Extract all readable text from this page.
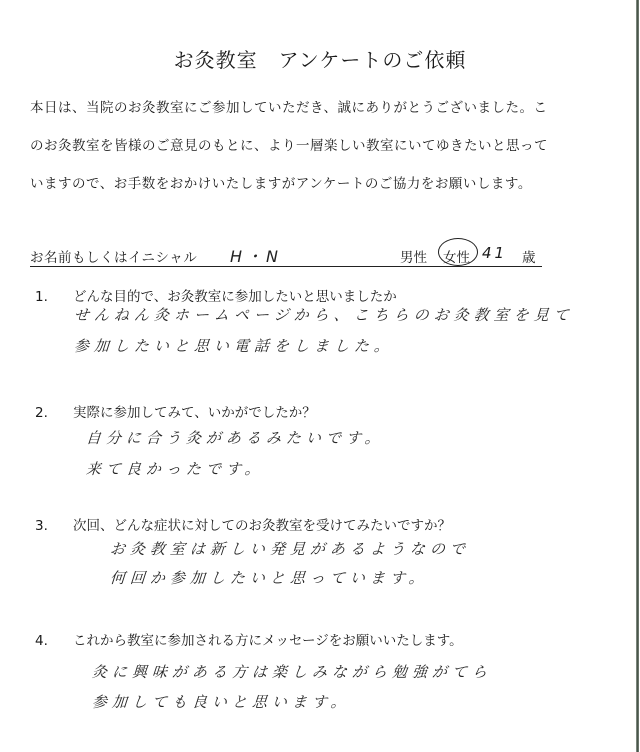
お灸教室　アンケートのご依頼
本日は、当院のお灸教室にご参加していただき、誠にありがとうございました。こ
のお灸教室を皆様のご意見のもとに、より一層楽しい教室にいてゆきたいと思って
いますので、お手数をおかけいたしますがアンケートのご協力をお願いします。
お名前もしくはイニシャル H・N	男性 女性 41 歳
1. どんな目的で、お灸教室に参加したいと思いましたか
せんねん灸ホームページから、こちらのお灸教室を見て
参加したいと思い電話をしました。
2. 実際に参加してみて、いかがでしたか？
自分に合う灸があるみたいです。
来て良かったです。
3. 次回、どんな症状に対してのお灸教室を受けてみたいですか？
お灸教室は新しい発見があるようなので
何回か参加したいと思っています。
4. これから教室に参加される方にメッセージをお願いいたします。
灸に興味がある方は楽しみながら勉強がてら
参加しても良いと思います。
